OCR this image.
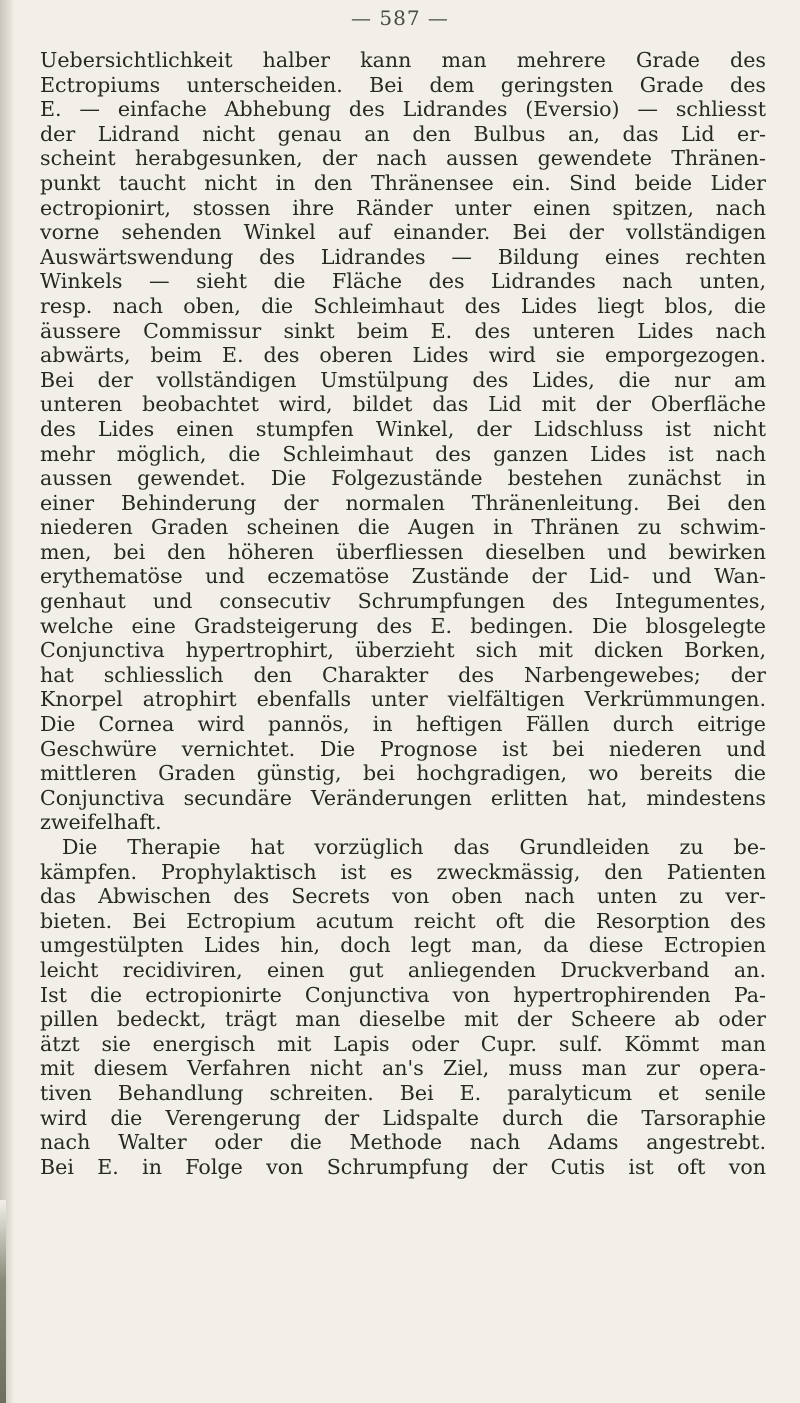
— 587 —
Uebersichtlichkeit halber kann man mehrere Grade des
Ectropiums unterscheiden. Bei dem geringsten Grade des
E. — einfache Abhebung des Lidrandes (Eversio) — schliesst
der Lidrand nicht genau an den Bulbus an, das Lid er-
scheint herabgesunken, der nach aussen gewendete Thränen-
punkt taucht nicht in den Thränensee ein. Sind beide Lider
ectropionirt, stossen ihre Ränder unter einen spitzen, nach
vorne sehenden Winkel auf einander. Bei der vollständigen
Auswärtswendung des Lidrandes — Bildung eines rechten
Winkels — sieht die Fläche des Lidrandes nach unten,
resp. nach oben, die Schleimhaut des Lides liegt blos, die
äussere Commissur sinkt beim E. des unteren Lides nach
abwärts, beim E. des oberen Lides wird sie emporgezogen.
Bei der vollständigen Umstülpung des Lides, die nur am
unteren beobachtet wird, bildet das Lid mit der Oberfläche
des Lides einen stumpfen Winkel, der Lidschluss ist nicht
mehr möglich, die Schleimhaut des ganzen Lides ist nach
aussen gewendet. Die Folgezustände bestehen zunächst in
einer Behinderung der normalen Thränenleitung. Bei den
niederen Graden scheinen die Augen in Thränen zu schwim-
men, bei den höheren überfliessen dieselben und bewirken
erythematöse und eczematöse Zustände der Lid- und Wan-
genhaut und consecutiv Schrumpfungen des Integumentes,
welche eine Gradsteigerung des E. bedingen. Die blosgelegte
Conjunctiva hypertrophirt, überzieht sich mit dicken Borken,
hat schliesslich den Charakter des Narbengewebes; der
Knorpel atrophirt ebenfalls unter vielfältigen Verkrümmungen.
Die Cornea wird pannös, in heftigen Fällen durch eitrige
Geschwüre vernichtet. Die Prognose ist bei niederen und
mittleren Graden günstig, bei hochgradigen, wo bereits die
Conjunctiva secundäre Veränderungen erlitten hat, mindestens
zweifelhaft.
Die Therapie hat vorzüglich das Grundleiden zu be-
kämpfen. Prophylaktisch ist es zweckmässig, den Patienten
das Abwischen des Secrets von oben nach unten zu ver-
bieten. Bei Ectropium acutum reicht oft die Resorption des
umgestülpten Lides hin, doch legt man, da diese Ectropien
leicht recidiviren, einen gut anliegenden Druckverband an.
Ist die ectropionirte Conjunctiva von hypertrophirenden Pa-
pillen bedeckt, trägt man dieselbe mit der Scheere ab oder
ätzt sie energisch mit Lapis oder Cupr. sulf. Kömmt man
mit diesem Verfahren nicht an's Ziel, muss man zur opera-
tiven Behandlung schreiten. Bei E. paralyticum et senile
wird die Verengerung der Lidspalte durch die Tarsoraphie
nach Walter oder die Methode nach Adams angestrebt.
Bei E. in Folge von Schrumpfung der Cutis ist oft von
